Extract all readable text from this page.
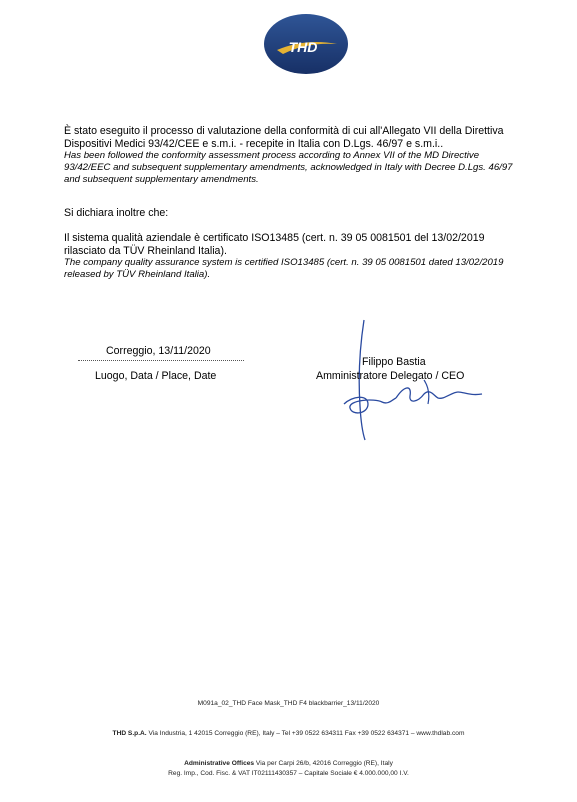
THD
È stato eseguito il processo di valutazione della conformità di cui all'Allegato VII della Direttiva Dispositivi Medici 93/42/CEE e s.m.i. - recepite in Italia con D.Lgs. 46/97 e s.m.i..
Has been followed the conformity assessment process according to Annex VII of the MD Directive 93/42/EEC and subsequent supplementary amendments, acknowledged in Italy with Decree D.Lgs. 46/97 and subsequent supplementary amendments.
Si dichiara inoltre che:
Il sistema qualità aziendale è certificato ISO13485 (cert. n. 39 05 0081501 del 13/02/2019 rilasciato da TÜV Rheinland Italia).
The company quality assurance system is certified ISO13485 (cert. n. 39 05 0081501 dated 13/02/2019 released by TÜV Rheinland Italia).
Correggio, 13/11/2020
Luogo, Data / Place, Date
Filippo Bastia
Amministratore Delegato / CEO
M091a_02_THD Face Mask_THD F4 blackbarrier_13/11/2020
THD S.p.A. Via Industria, 1 42015 Correggio (RE), Italy – Tel +39 0522 634311 Fax +39 0522 634371 – www.thdlab.com
Administrative Offices Via per Carpi 26/b, 42016 Correggio (RE), Italy
Reg. Imp., Cod. Fisc. & VAT IT02111430357 – Capitale Sociale € 4.000.000,00 I.V.
